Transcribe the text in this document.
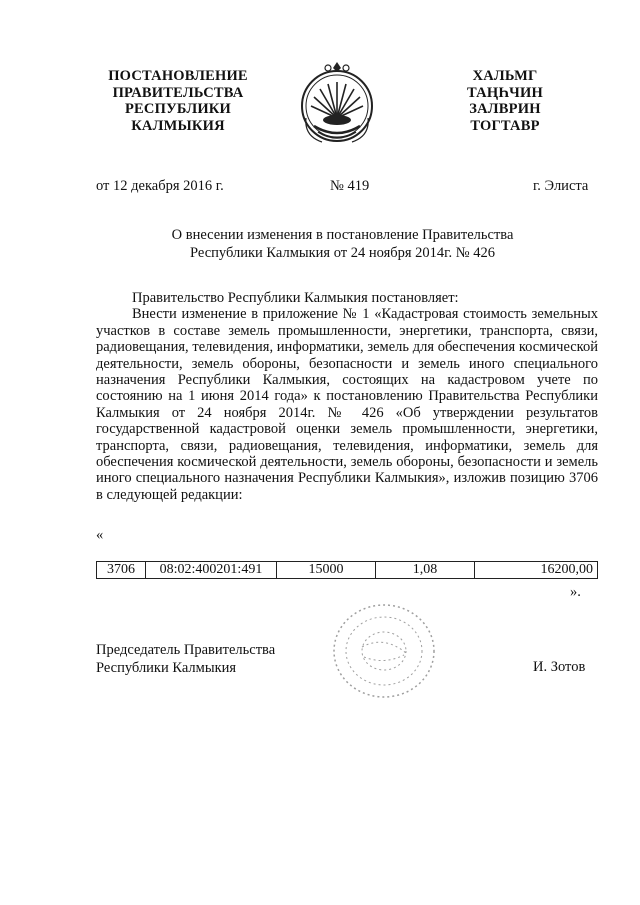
ПОСТАНОВЛЕНИЕ
ПРАВИТЕЛЬСТВА
РЕСПУБЛИКИ
КАЛМЫКИЯ
ХАЛЬМГ
ТАҢҺЧИН
ЗАЛВРИН
ТОГТАВР
от 12 декабря 2016 г.	№ 419	г. Элиста
О внесении изменения в постановление Правительства
Республики Калмыкия от 24 ноября 2014г. № 426

Правительство Республики Калмыкия постановляет:

Внести изменение в приложение № 1 «Кадастровая стоимость земельных участков в составе земель промышленности, энергетики, транспорта, связи, радиовещания, телевидения, информатики, земель для обеспечения космической деятельности, земель обороны, безопасности и земель иного специального назначения Республики Калмыкия, состоящих на кадастровом учете по состоянию на 1 июня 2014 года» к постановлению Правительства Республики Калмыкия от 24 ноября 2014г. № 426 «Об утверждении результатов государственной кадастровой оценки земель промышленности, энергетики, транспорта, связи, радиовещания, телевидения, информатики, земель для обеспечения космической деятельности, земель обороны, безопасности и земель иного специального назначения Республики Калмыкия», изложив позицию 3706 в следующей редакции:

«
3706	08:02:400201:491	15000	1,08	16200,00
».
Председатель Правительства
Республики Калмыкия	И. Зотов
